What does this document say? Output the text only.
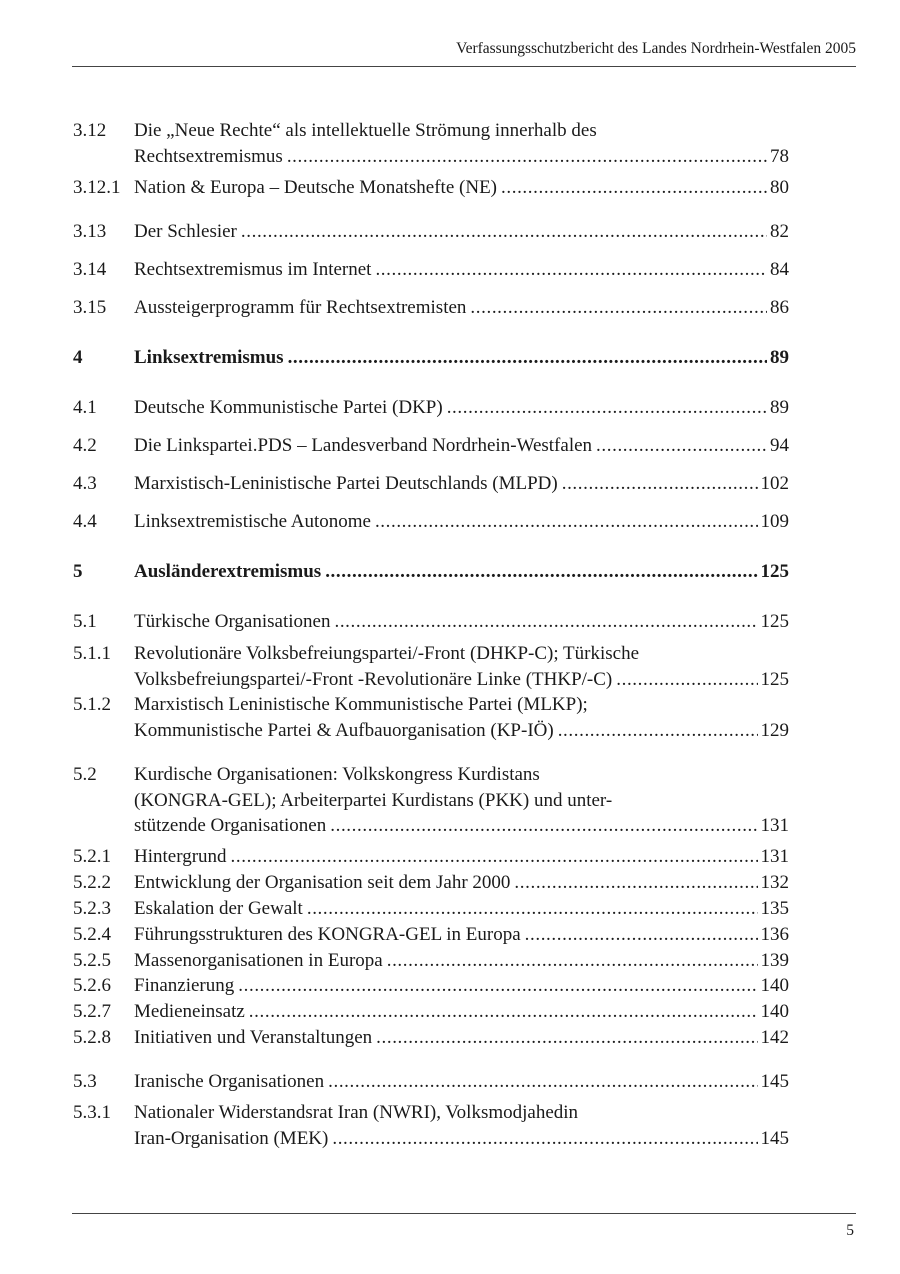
Verfassungsschutzbericht des Landes Nordrhein-Westfalen 2005
3.12 Die „Neue Rechte“ als intellektuelle Strömung innerhalb des
Rechtsextremismus .....	78
3.12.1 Nation & Europa – Deutsche Monatshefte (NE) .....	80
3.13 Der Schlesier .....	82
3.14 Rechtsextremismus im Internet .....	84
3.15 Aussteigerprogramm für Rechtsextremisten .....	86
4	Linksextremismus .....	89
4.1 Deutsche Kommunistische Partei (DKP) .....	89
4.2 Die Linkspartei.PDS – Landesverband Nordrhein-Westfalen .....	94
4.3 Marxistisch-Leninistische Partei Deutschlands (MLPD) .....	102
4.4 Linksextremistische Autonome .....	109
5	Ausländerextremismus .....	125
5.1 Türkische Organisationen .....	125
5.1.1 Revolutionäre Volksbefreiungspartei/-Front (DHKP-C); Türkische
Volksbefreiungspartei/-Front -Revolutionäre Linke (THKP/-C) .....	125
5.1.2 Marxistisch Leninistische Kommunistische Partei (MLKP);
Kommunistische Partei & Aufbauorganisation (KP-IÖ) .....	129
5.2 Kurdische Organisationen: Volkskongress Kurdistans
(KONGRA-GEL); Arbeiterpartei Kurdistans (PKK) und unter-
stützende Organisationen .....	131
5.2.1 Hintergrund .....	131
5.2.2 Entwicklung der Organisation seit dem Jahr 2000 .....	132
5.2.3 Eskalation der Gewalt .....	135
5.2.4 Führungsstrukturen des KONGRA-GEL in Europa .....	136
5.2.5 Massenorganisationen in Europa .....	139
5.2.6 Finanzierung .....	140
5.2.7 Medieneinsatz .....	140
5.2.8 Initiativen und Veranstaltungen .....	142
5.3 Iranische Organisationen .....	145
5.3.1 Nationaler Widerstandsrat Iran (NWRI), Volksmodjahedin
Iran-Organisation (MEK) .....	145
5
